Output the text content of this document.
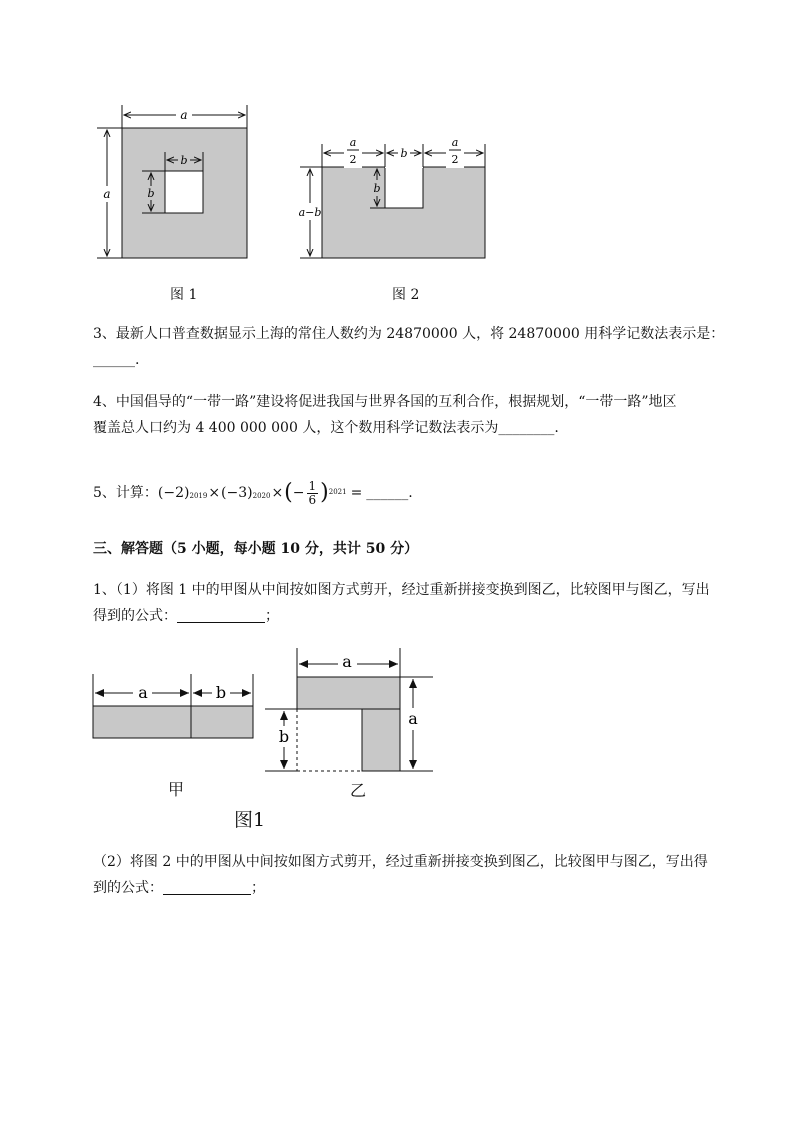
a
a
b
b
a
2	b
a
2
b
a−b
图 1	图 2
3、最新人口普查数据显示上海的常住人数约为 24870000 人，将 24870000 用科学记数法表示是：
______.
4、中国倡导的“一带一路”建设将促进我国与世界各国的互利合作，根据规划，“一带一路”地区
覆盖总人口约为 4 400 000 000 人，这个数用科学记数法表示为________.
5、计算： $(-2)_{2019} \times (-3)_{2020}$ × ( − $\frac{1}{6}$ ) 2021 = ______.
三、解答题（5 小题，每小题 10 分，共计 50 分）
1、（1）将图 1 中的甲图从中间按如图方式剪开，经过重新拼接变换到图乙，比较图甲与图乙，写出
得到的公式：	；
a	b
a
a
b
甲	乙
图1
（2）将图 2 中的甲图从中间按如图方式剪开，经过重新拼接变换到图乙，比较图甲与图乙，写出得
到的公式：	；
